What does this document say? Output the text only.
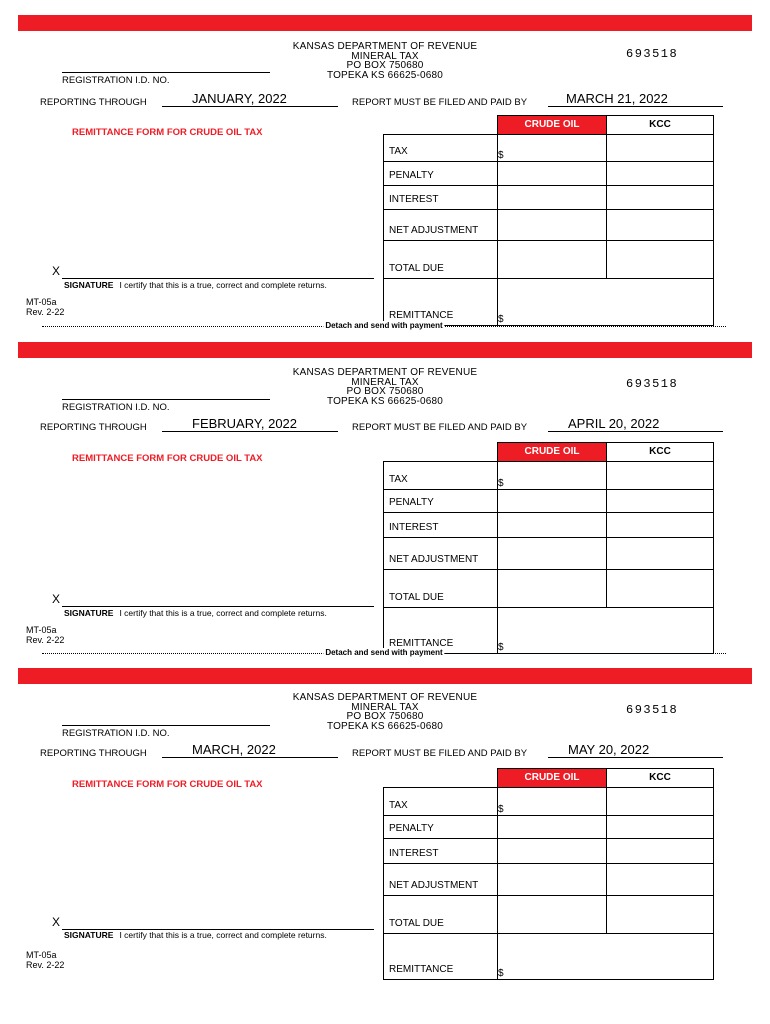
KANSAS DEPARTMENT OF REVENUE
MINERAL TAX
PO BOX 750680
TOPEKA KS 66625-0680
693518
REGISTRATION I.D. NO.
REPORTING THROUGH	JANUARY, 2022	REPORT MUST BE FILED AND PAID BY	MARCH 21, 2022
REMITTANCE FORM FOR CRUDE OIL TAX
	CRUDE OIL	KCC
TAX	$	
PENALTY		
INTEREST		
NET ADJUSTMENT		
TOTAL DUE		
REMITTANCE	$	
X
SIGNATURE I certify that this is a true, correct and complete returns.
MT-05a
Rev. 2-22
Detach and send with payment
KANSAS DEPARTMENT OF REVENUE
MINERAL TAX
PO BOX 750680
TOPEKA KS 66625-0680
693518
REGISTRATION I.D. NO.
REPORTING THROUGH	FEBRUARY, 2022	REPORT MUST BE FILED AND PAID BY	APRIL 20, 2022
REMITTANCE FORM FOR CRUDE OIL TAX
	CRUDE OIL	KCC
TAX	$	
PENALTY		
INTEREST		
NET ADJUSTMENT		
TOTAL DUE		
REMITTANCE	$	
X
SIGNATURE I certify that this is a true, correct and complete returns.
MT-05a
Rev. 2-22
Detach and send with payment
KANSAS DEPARTMENT OF REVENUE
MINERAL TAX
PO BOX 750680
TOPEKA KS 66625-0680
693518
REGISTRATION I.D. NO.
REPORTING THROUGH	MARCH, 2022	REPORT MUST BE FILED AND PAID BY	MAY 20, 2022
REMITTANCE FORM FOR CRUDE OIL TAX
	CRUDE OIL	KCC
TAX	$	
PENALTY		
INTEREST		
NET ADJUSTMENT		
TOTAL DUE		
REMITTANCE	$	
X
SIGNATURE I certify that this is a true, correct and complete returns.
MT-05a
Rev. 2-22
